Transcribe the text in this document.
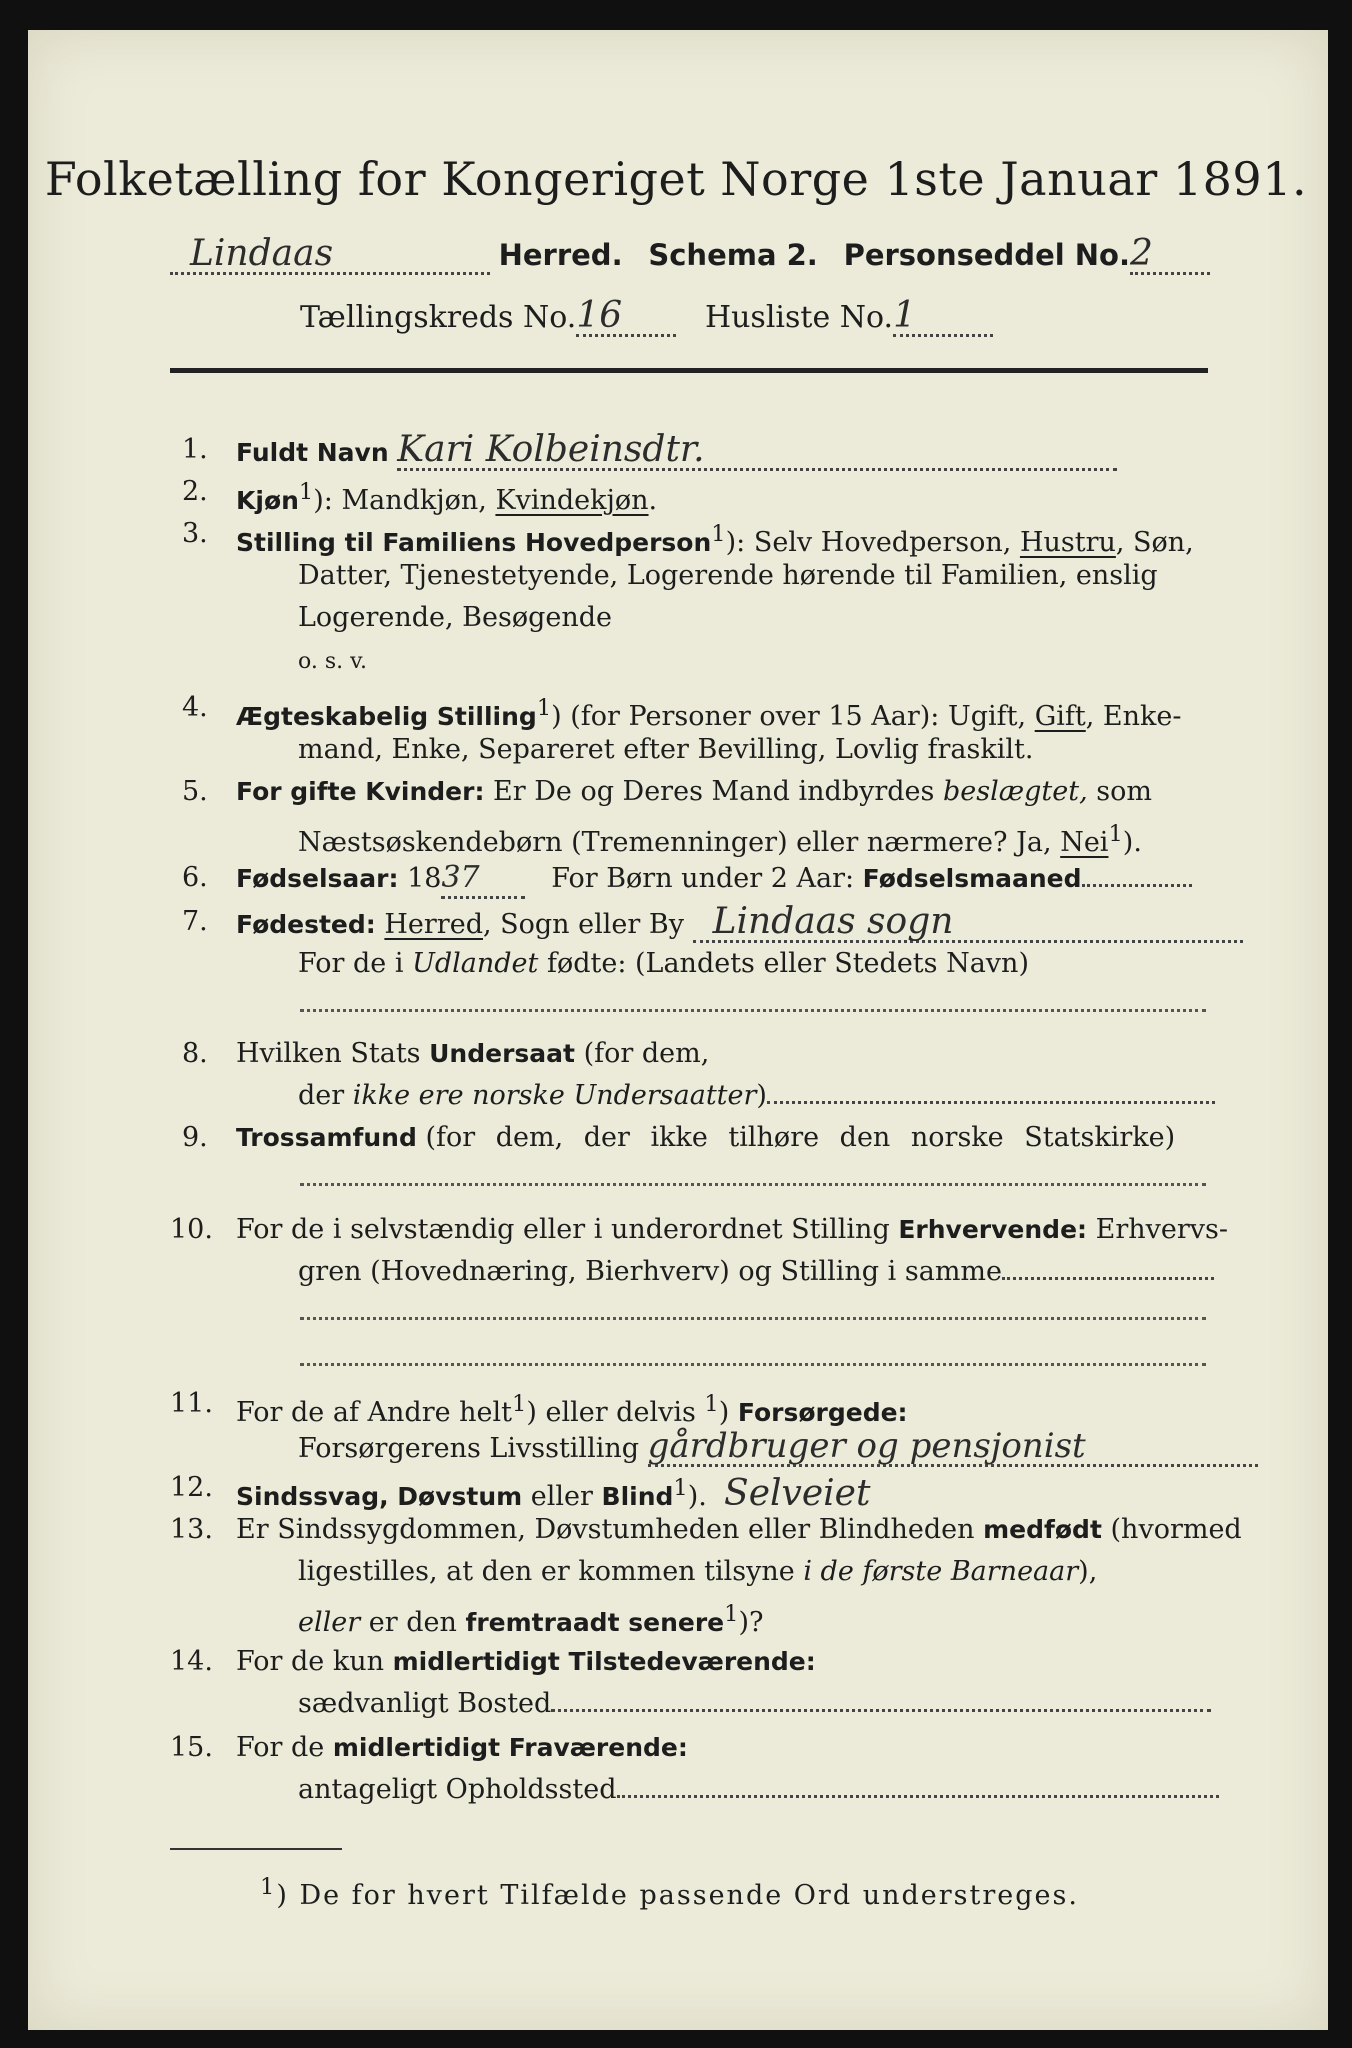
Folketælling for Kongeriget Norge 1ste Januar 1891.
Lindaas	Herred. Schema 2. Personseddel No.2
Tællingskreds No.16	Husliste No.1
1. Fuldt Navn Kari Kolbeinsdtr.
2. Kjøn$^1$): Mandkjøn, Kvindekjøn.
3. Stilling til Familiens Hovedperson$^1$): Selv Hovedperson, Hustru, Søn,
Datter, Tjenestetyende, Logerende hørende til Familien, enslig
Logerende, Besøgende
o. s. v.
4. Ægteskabelig Stilling$^1$) (for Personer over 15 Aar): Ugift, Gift, Enke-
mand, Enke, Separeret efter Bevilling, Lovlig fraskilt.
5. For gifte Kvinder: Er De og Deres Mand indbyrdes beslægtet, som
Næstsøskendebørn (Tremenninger) eller nærmere? Ja, Nei$^1$).
6. Fødselsaar: 1837	For Børn under 2 Aar: Fødselsmaaned
7. Fødested: Herred, Sogn eller By Lindaas sogn
For de i Udlandet fødte: (Landets eller Stedets Navn)
8. Hvilken Stats Undersaat (for dem,
der ikke ere norske Undersaatter)
9. Trossamfund (for dem, der ikke tilhøre den norske Statskirke)
10. For de i selvstændig eller i underordnet Stilling Erhvervende: Erhvervs-
gren (Hovednæring, Bierhverv) og Stilling i samme
11. For de af Andre helt$^1$) eller delvis $^1$) Forsørgede:
Forsørgerens Livsstilling gårdbruger og pensjonist
12. Sindssvag, Døvstum eller Blind$^1$). Selveiet
13. Er Sindssygdommen, Døvstumheden eller Blindheden medfødt (hvormed
ligestilles, at den er kommen tilsyne i de første Barneaar),
eller er den fremtraadt senere$^1$)?
14. For de kun midlertidigt Tilstedeværende:
sædvanligt Bosted
15. For de midlertidigt Fraværende:
antageligt Opholdssted
$^1$) De for hvert Tilfælde passende Ord understreges.
